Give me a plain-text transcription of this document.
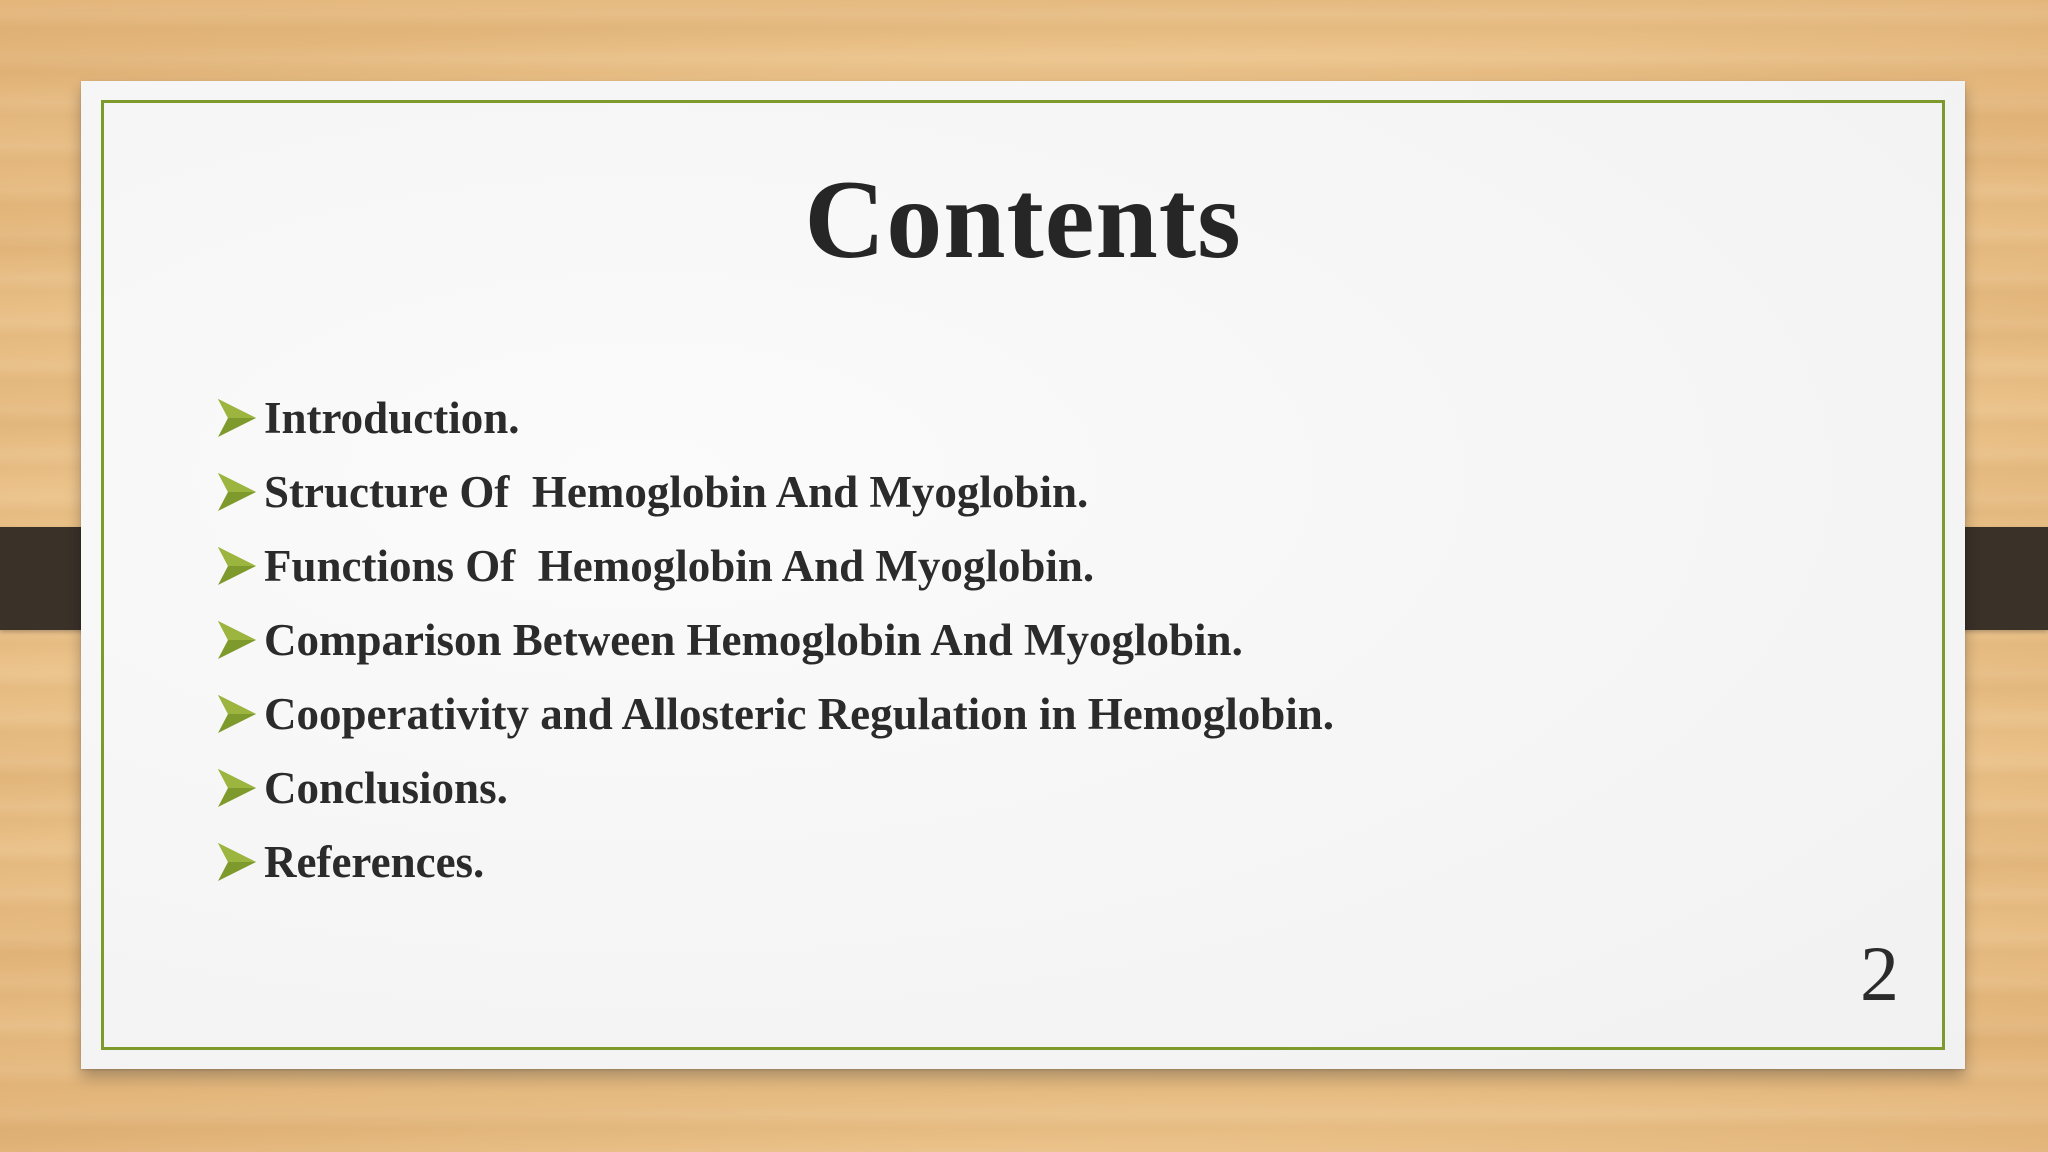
Contents
Introduction.
Structure Of  Hemoglobin And Myoglobin.
Functions Of  Hemoglobin And Myoglobin.
Comparison Between Hemoglobin And Myoglobin.
Cooperativity and Allosteric Regulation in Hemoglobin.
Conclusions.
References.
2
